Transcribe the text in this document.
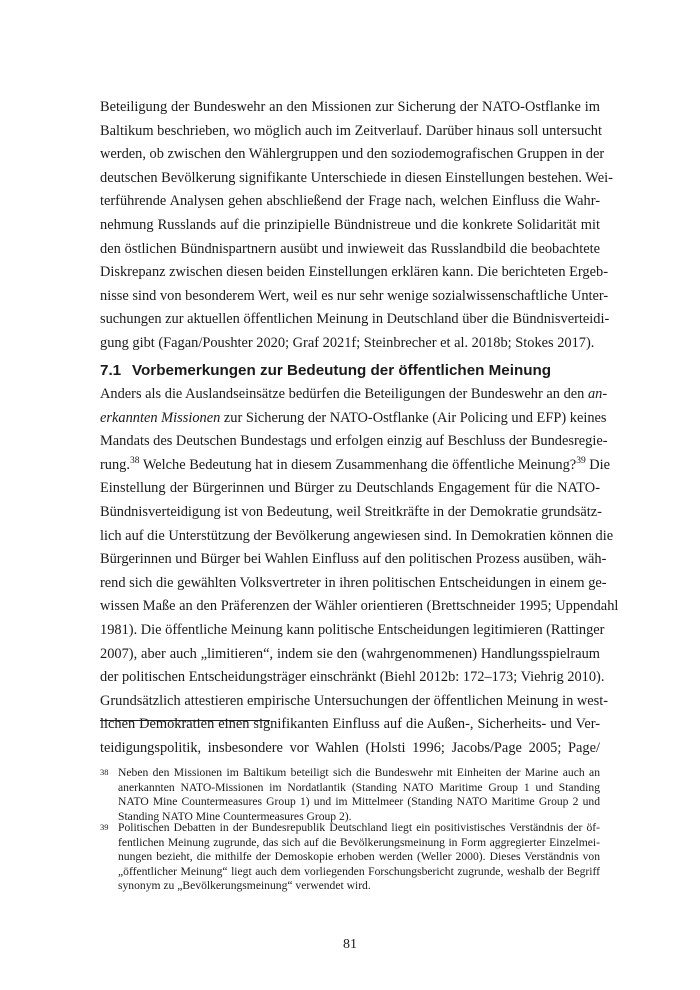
Beteiligung der Bundeswehr an den Missionen zur Sicherung der NATO-Ostflanke im
Baltikum beschrieben, wo möglich auch im Zeitverlauf. Darüber hinaus soll untersucht
werden, ob zwischen den Wählergruppen und den soziodemografischen Gruppen in der
deutschen Bevölkerung signifikante Unterschiede in diesen Einstellungen bestehen. Wei-
terführende Analysen gehen abschließend der Frage nach, welchen Einfluss die Wahr-
nehmung Russlands auf die prinzipielle Bündnistreue und die konkrete Solidarität mit
den östlichen Bündnispartnern ausübt und inwieweit das Russlandbild die beobachtete
Diskrepanz zwischen diesen beiden Einstellungen erklären kann. Die berichteten Ergeb-
nisse sind von besonderem Wert, weil es nur sehr wenige sozialwissenschaftliche Unter-
suchungen zur aktuellen öffentlichen Meinung in Deutschland über die Bündnisverteidi-
gung gibt (Fagan/Poushter 2020; Graf 2021f; Steinbrecher et al. 2018b; Stokes 2017).
7.1 Vorbemerkungen zur Bedeutung der öffentlichen Meinung
Anders als die Auslandseinsätze bedürfen die Beteiligungen der Bundeswehr an den an-
erkannten Missionen zur Sicherung der NATO-Ostflanke (Air Policing und EFP) keines
Mandats des Deutschen Bundestags und erfolgen einzig auf Beschluss der Bundesregie-
rung.$^{38}$ Welche Bedeutung hat in diesem Zusammenhang die öffentliche Meinung?$^{39}$ Die
Einstellung der Bürgerinnen und Bürger zu Deutschlands Engagement für die NATO-
Bündnisverteidigung ist von Bedeutung, weil Streitkräfte in der Demokratie grundsätz-
lich auf die Unterstützung der Bevölkerung angewiesen sind. In Demokratien können die
Bürgerinnen und Bürger bei Wahlen Einfluss auf den politischen Prozess ausüben, wäh-
rend sich die gewählten Volksvertreter in ihren politischen Entscheidungen in einem ge-
wissen Maße an den Präferenzen der Wähler orientieren (Brettschneider 1995; Uppendahl
1981). Die öffentliche Meinung kann politische Entscheidungen legitimieren (Rattinger
2007), aber auch „limitieren“, indem sie den (wahrgenommenen) Handlungsspielraum
der politischen Entscheidungsträger einschränkt (Biehl 2012b: 172–173; Viehrig 2010).
Grundsätzlich attestieren empirische Untersuchungen der öffentlichen Meinung in west-
lichen Demokratien einen signifikanten Einfluss auf die Außen-, Sicherheits- und Ver-
teidigungspolitik, insbesondere vor Wahlen (Holsti 1996; Jacobs/Page 2005; Page/
38 Neben den Missionen im Baltikum beteiligt sich die Bundeswehr mit Einheiten der Marine auch an
anerkannten NATO-Missionen im Nordatlantik (Standing NATO Maritime Group 1 und Standing
NATO Mine Countermeasures Group 1) und im Mittelmeer (Standing NATO Maritime Group 2 und
Standing NATO Mine Countermeasures Group 2).
39 Politischen Debatten in der Bundesrepublik Deutschland liegt ein positivistisches Verständnis der öf-
fentlichen Meinung zugrunde, das sich auf die Bevölkerungsmeinung in Form aggregierter Einzelmei-
nungen bezieht, die mithilfe der Demoskopie erhoben werden (Weller 2000). Dieses Verständnis von
„öffentlicher Meinung“ liegt auch dem vorliegenden Forschungsbericht zugrunde, weshalb der Begriff
synonym zu „Bevölkerungsmeinung“ verwendet wird.
81
